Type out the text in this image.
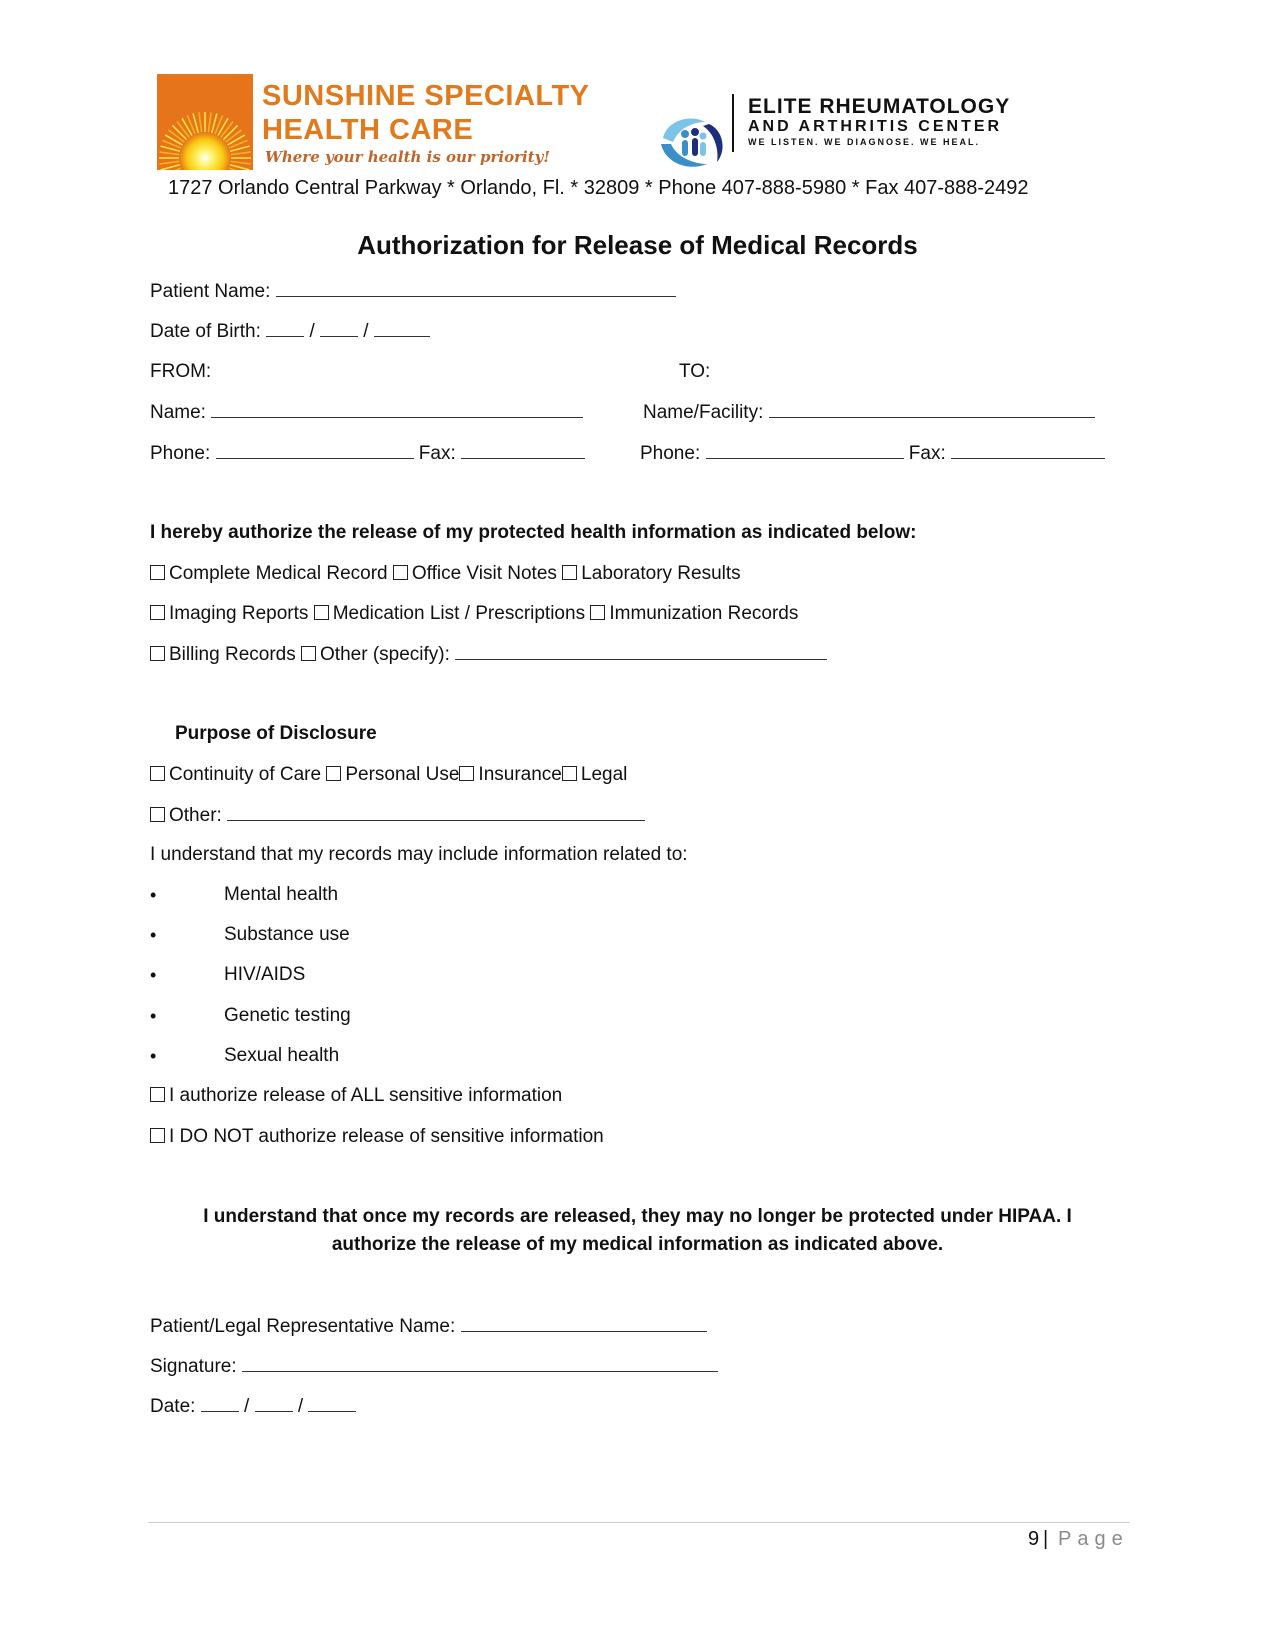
SUNSHINE SPECIALTY
HEALTH CARE
Where your health is our priority!

ELITE RHEUMATOLOGY
AND ARTHRITIS CENTER
WE LISTEN. WE DIAGNOSE. WE HEAL.
1727 Orlando Central Parkway * Orlando, Fl. * 32809 * Phone 407-888-5980 * Fax 407-888-2492
Authorization for Release of Medical Records
Patient Name:
Date of Birth:  /  /
FROM:	TO:
Name:	Name/Facility:
Phone:	Fax:	Phone:	Fax:
I hereby authorize the release of my protected health information as indicated below:
Complete Medical Record Office Visit Notes Laboratory Results
Imaging Reports Medication List / Prescriptions Immunization Records
Billing Records Other (specify):
Purpose of Disclosure
Continuity of Care Personal Use Insurance Legal
Other:
I understand that my records may include information related to:
•	Mental health
•	Substance use
•	HIV/AIDS
•	Genetic testing
•	Sexual health
I authorize release of ALL sensitive information
I DO NOT authorize release of sensitive information
I understand that once my records are released, they may no longer be protected under HIPAA. I
authorize the release of my medical information as indicated above.
Patient/Legal Representative Name:
Signature:
Date:  /  /
9 | Page
